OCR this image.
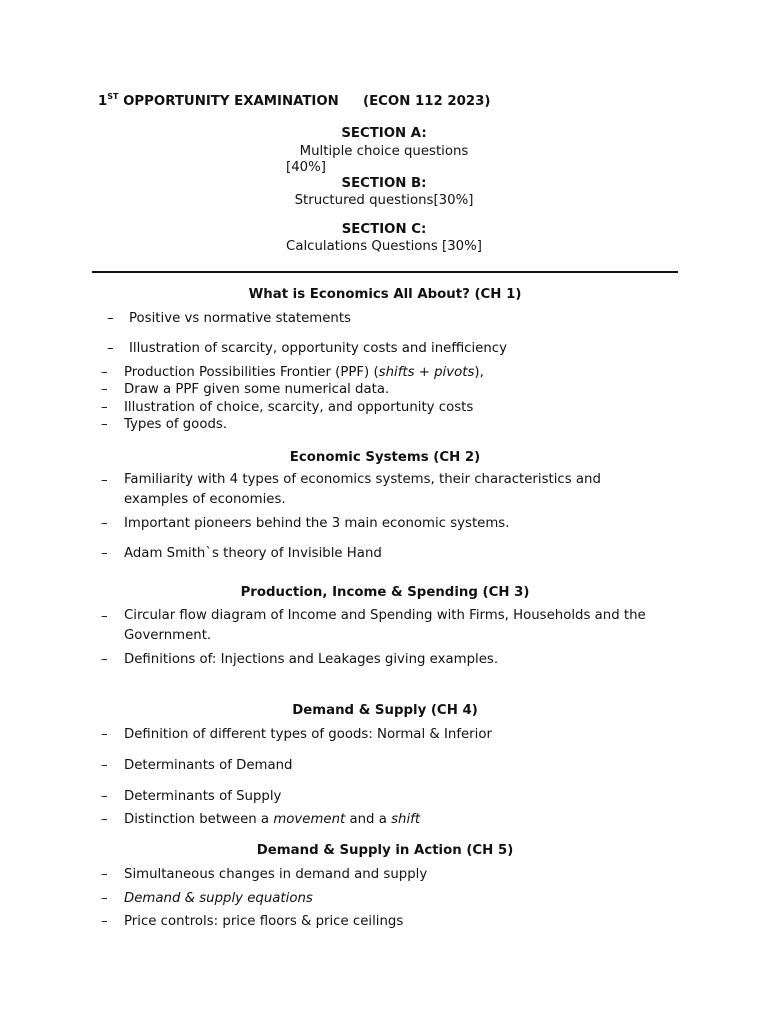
1ST OPPORTUNITY EXAMINATION (ECON 112 2023)
SECTION A:
Multiple choice questions
[40%]
SECTION B:
Structured questions[30%]
SECTION C:
Calculations Questions [30%]
What is Economics All About? (CH 1)
– Positive vs normative statements
– Illustration of scarcity, opportunity costs and inefficiency
– Production Possibilities Frontier (PPF) (shifts + pivots),
– Draw a PPF given some numerical data.
– Illustration of choice, scarcity, and opportunity costs
– Types of goods.
Economic Systems (CH 2)
– Familiarity with 4 types of economics systems, their characteristics and examples of economies.
– Important pioneers behind the 3 main economic systems.
– Adam Smith`s theory of Invisible Hand
Production, Income & Spending (CH 3)
– Circular flow diagram of Income and Spending with Firms, Households and the Government.
– Definitions of: Injections and Leakages giving examples.
Demand & Supply (CH 4)
– Definition of different types of goods: Normal & Inferior
– Determinants of Demand
– Determinants of Supply
– Distinction between a movement and a shift
Demand & Supply in Action (CH 5)
– Simultaneous changes in demand and supply
– Demand & supply equations
– Price controls: price floors & price ceilings
